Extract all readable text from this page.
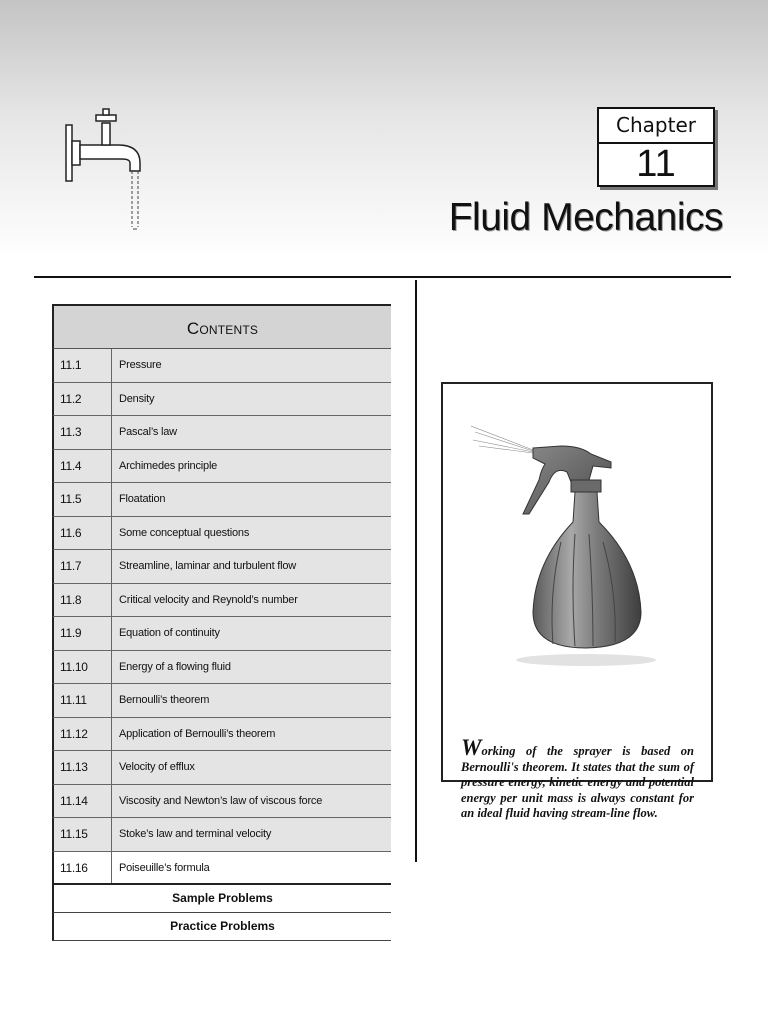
Chapter
11
Fluid Mechanics
Contents
11.1	Pressure
11.2	Density
11.3	Pascal’s law
11.4	Archimedes principle
11.5	Floatation
11.6	Some conceptual questions
11.7	Streamline, laminar and turbulent flow
11.8	Critical velocity and Reynold’s number
11.9	Equation of continuity
11.10	Energy of a flowing fluid
11.11	Bernoulli’s theorem
11.12	Application of Bernoulli’s theorem
11.13	Velocity of efflux
11.14	Viscosity and Newton’s law of viscous force
11.15	Stoke’s law and terminal velocity
11.16	Poiseuille’s formula
Sample Problems
Practice Problems
Working of the sprayer is based on Bernoulli's theorem. It states that the sum of pressure energy, kinetic energy and potential energy per unit mass is always constant for an ideal fluid having stream-line flow.
